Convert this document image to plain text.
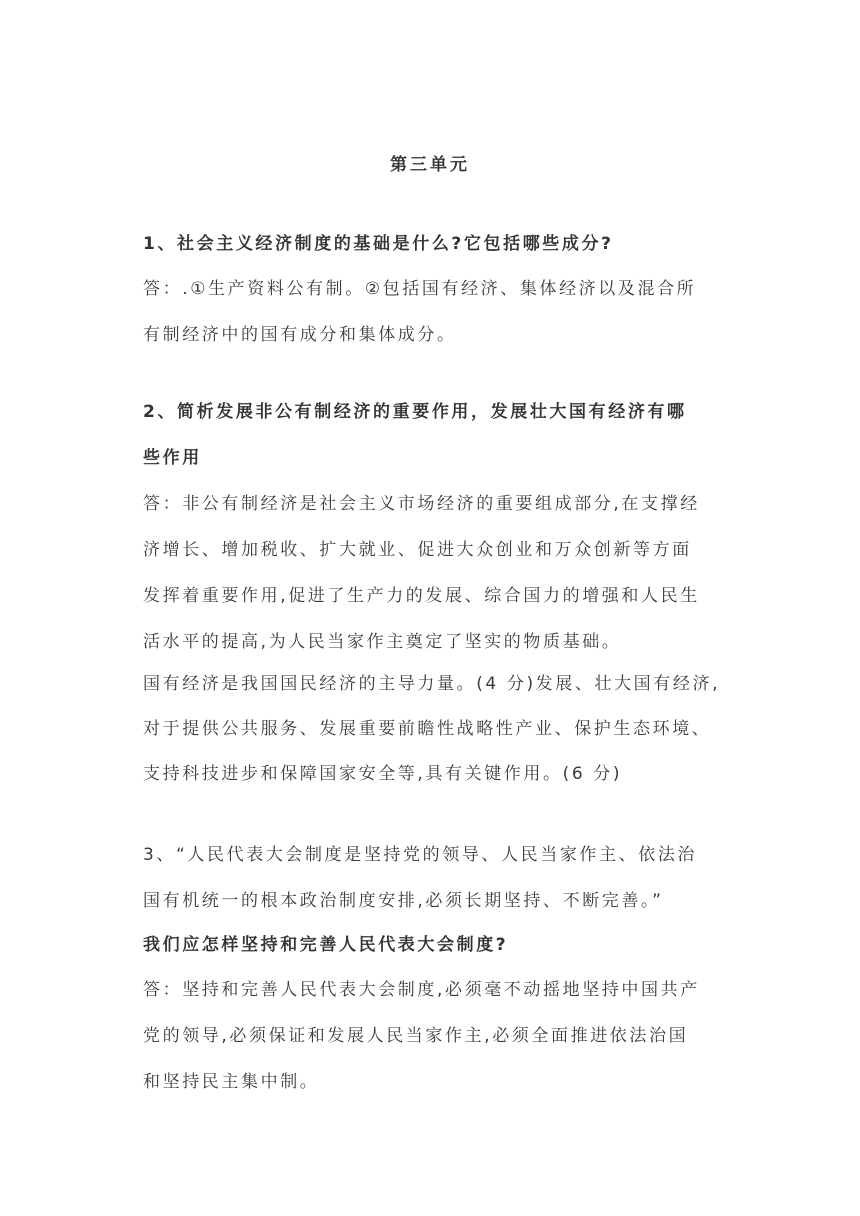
第三单元
1、社会主义经济制度的基础是什么?它包括哪些成分?
答：.①生产资料公有制。②包括国有经济、集体经济以及混合所
有制经济中的国有成分和集体成分。
2、简析发展非公有制经济的重要作用，发展壮大国有经济有哪
些作用
答：非公有制经济是社会主义市场经济的重要组成部分,在支撑经
济增长、增加税收、扩大就业、促进大众创业和万众创新等方面
发挥着重要作用,促进了生产力的发展、综合国力的增强和人民生
活水平的提高,为人民当家作主奠定了坚实的物质基础。
国有经济是我国国民经济的主导力量。(4 分)发展、壮大国有经济,
对于提供公共服务、发展重要前瞻性战略性产业、保护生态环境、
支持科技进步和保障国家安全等,具有关键作用。(6 分)
3、“人民代表大会制度是坚持党的领导、人民当家作主、依法治
国有机统一的根本政治制度安排,必须长期坚持、不断完善。”
我们应怎样坚持和完善人民代表大会制度?
答：坚持和完善人民代表大会制度,必须毫不动摇地坚持中国共产
党的领导,必须保证和发展人民当家作主,必须全面推进依法治国
和坚持民主集中制。
